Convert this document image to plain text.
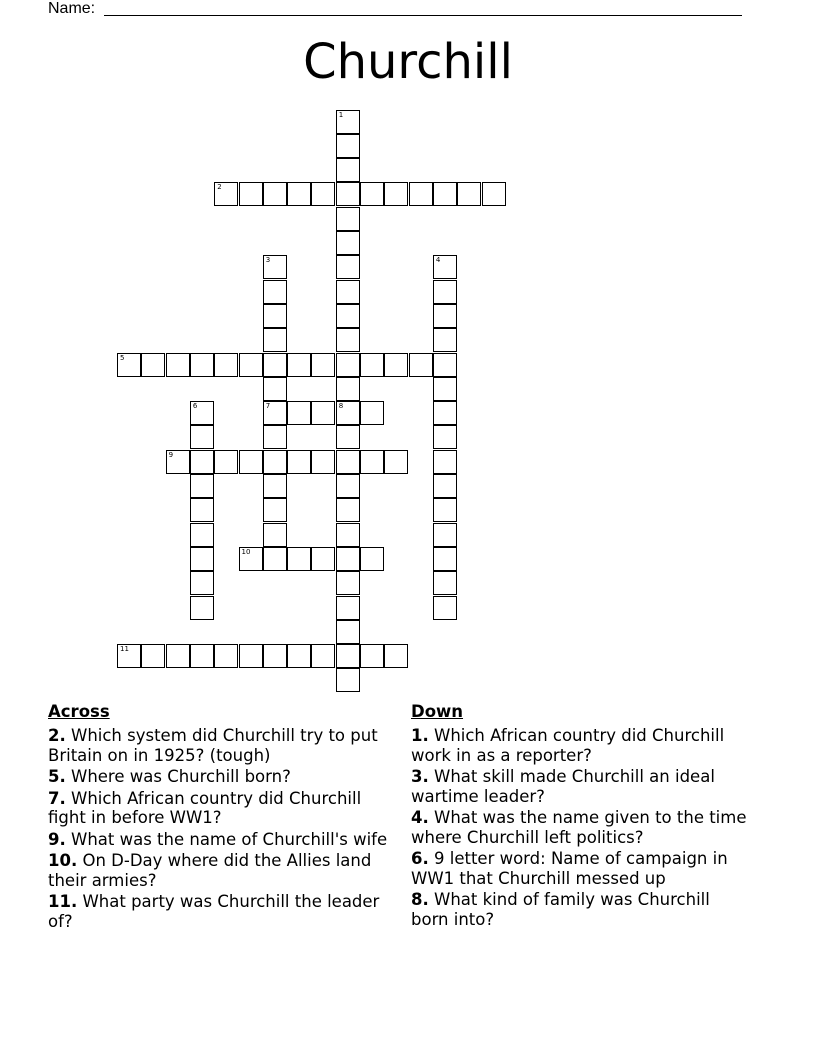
Name:
Churchill
1
8
2
3
7
4
5
6
9
10
11
Across
2. Which system did Churchill try to put Britain on in 1925? (tough)
5. Where was Churchill born?
7. Which African country did Churchill fight in before WW1?
9. What was the name of Churchill's wife
10. On D-Day where did the Allies land their armies?
11. What party was Churchill the leader of?
Down
1. Which African country did Churchill work in as a reporter?
3. What skill made Churchill an ideal wartime leader?
4. What was the name given to the time where Churchill left politics?
6. 9 letter word: Name of campaign in WW1 that Churchill messed up
8. What kind of family was Churchill born into?
